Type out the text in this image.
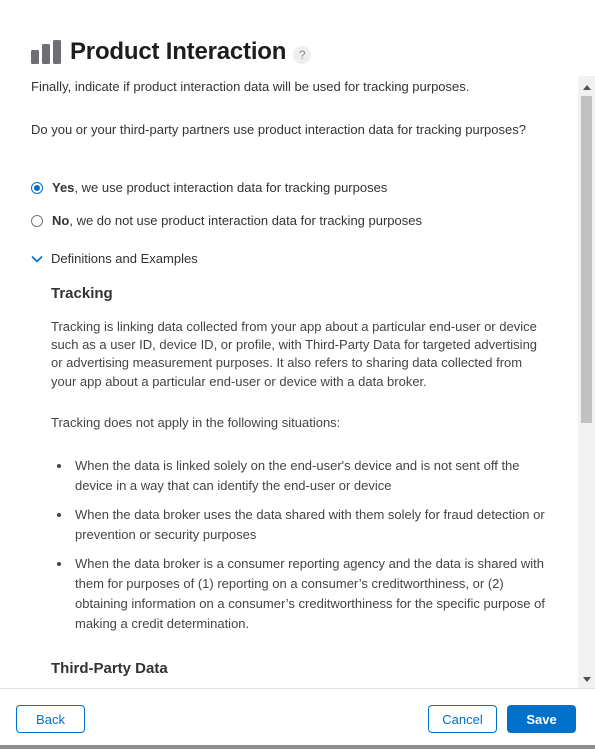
Product Interaction	?
Finally, indicate if product interaction data will be used for tracking purposes.
Do you or your third-party partners use product interaction data for tracking purposes?
Yes, we use product interaction data for tracking purposes
No, we do not use product interaction data for tracking purposes
Definitions and Examples
Tracking
Tracking is linking data collected from your app about a particular end-user or device such as a user ID, device ID, or profile, with Third-Party Data for targeted advertising or advertising measurement purposes. It also refers to sharing data collected from your app about a particular end-user or device with a data broker.
Tracking does not apply in the following situations:
When the data is linked solely on the end-user's device and is not sent off the device in a way that can identify the end-user or device
When the data broker uses the data shared with them solely for fraud detection or prevention or security purposes
When the data broker is a consumer reporting agency and the data is shared with them for purposes of (1) reporting on a consumer’s creditworthiness, or (2) obtaining information on a consumer’s creditworthiness for the specific purpose of making a credit determination.
Third-Party Data
Back	Cancel	Save
